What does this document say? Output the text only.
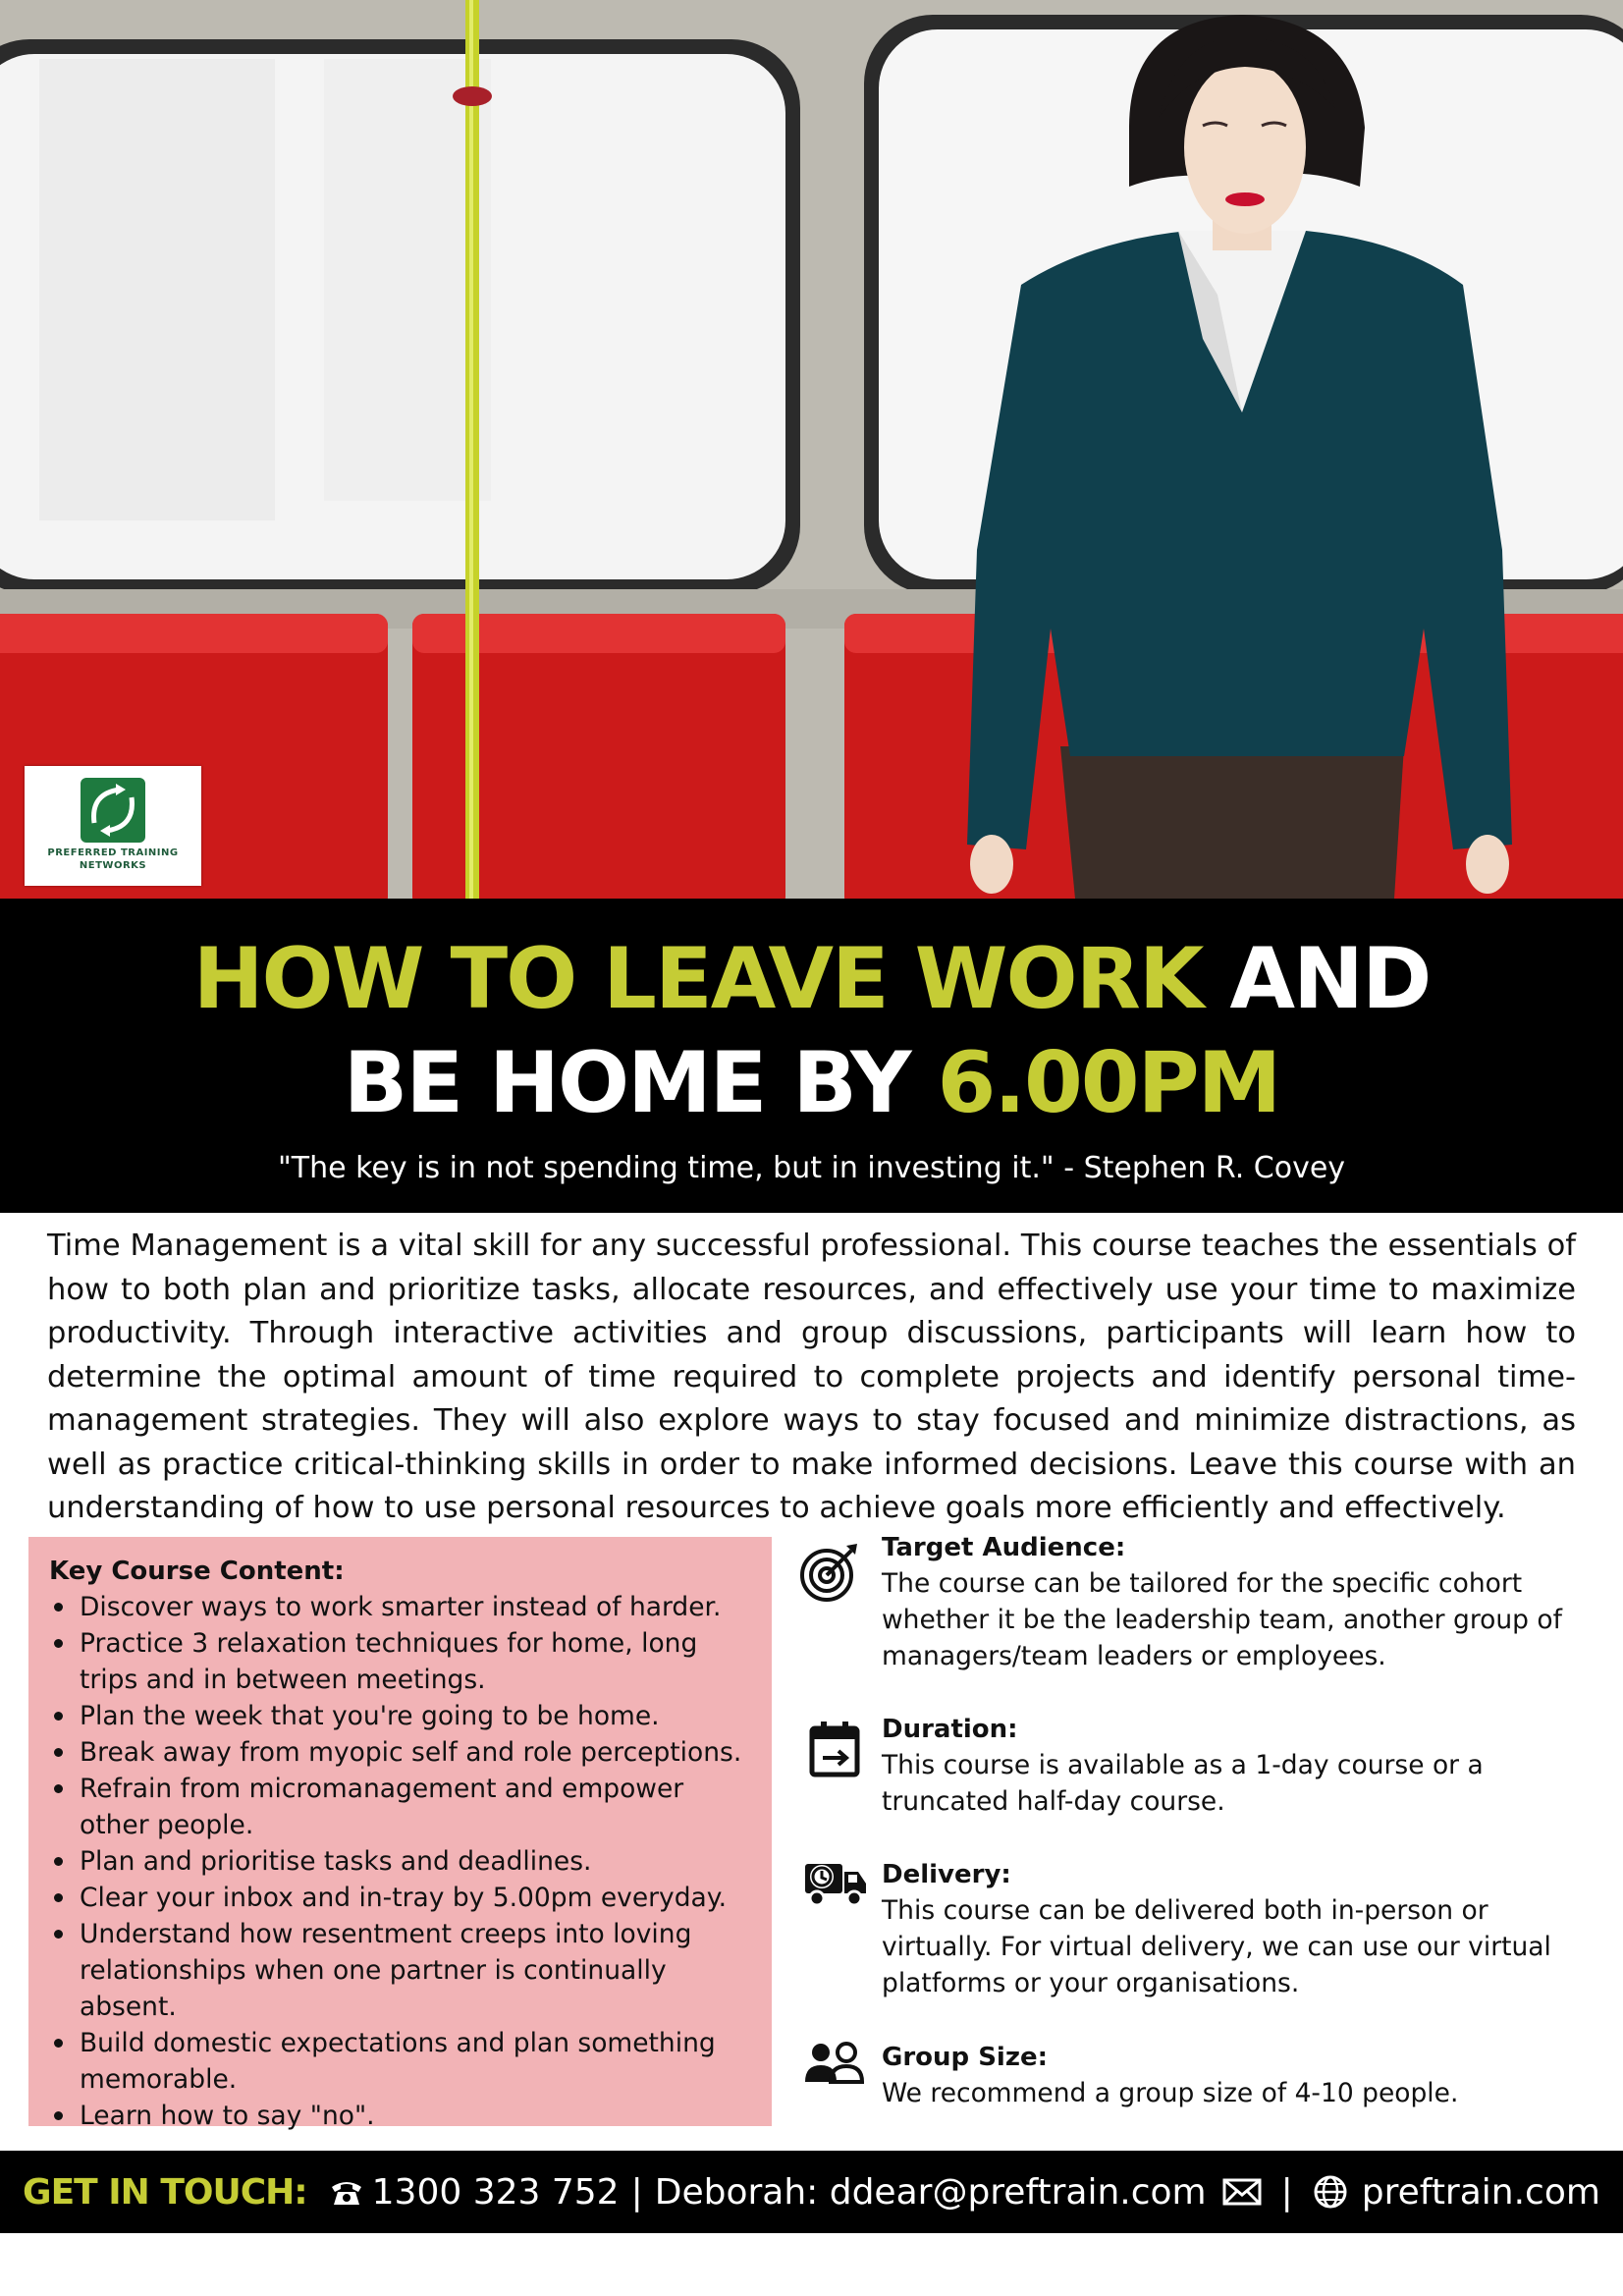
PREFERRED TRAINING
NETWORKS
HOW TO LEAVE WORK AND
BE HOME BY 6.00PM
"The key is in not spending time, but in investing it." - Stephen R. Covey
Time Management is a vital skill for any successful professional. This course teaches the essentials of how to both plan and prioritize tasks, allocate resources, and effectively use your time to maximize productivity. Through interactive activities and group discussions, participants will learn how to determine the optimal amount of time required to complete projects and identify personal time-management strategies. They will also explore ways to stay focused and minimize distractions, as well as practice critical-thinking skills in order to make informed decisions. Leave this course with an understanding of how to use personal resources to achieve goals more efficiently and effectively.
Key Course Content:
Discover ways to work smarter instead of harder.
Practice 3 relaxation techniques for home, long trips and in between meetings.
Plan the week that you're going to be home.
Break away from myopic self and role perceptions.
Refrain from micromanagement and empower other people.
Plan and prioritise tasks and deadlines.
Clear your inbox and in-tray by 5.00pm everyday.
Understand how resentment creeps into loving relationships when one partner is continually absent.
Build domestic expectations and plan something memorable.
Learn how to say "no".
Target Audience:
The course can be tailored for the specific cohort whether it be the leadership team, another group of managers/team leaders or employees.
Duration:
This course is available as a 1-day course or a truncated half-day course.
Delivery:
This course can be delivered both in-person or virtually. For virtual delivery, we can use our virtual platforms or your organisations.
Group Size:
We recommend a group size of 4-10 people.
GET IN TOUCH: 1300 323 752 | Deborah: ddear@preftrain.com | preftrain.com
